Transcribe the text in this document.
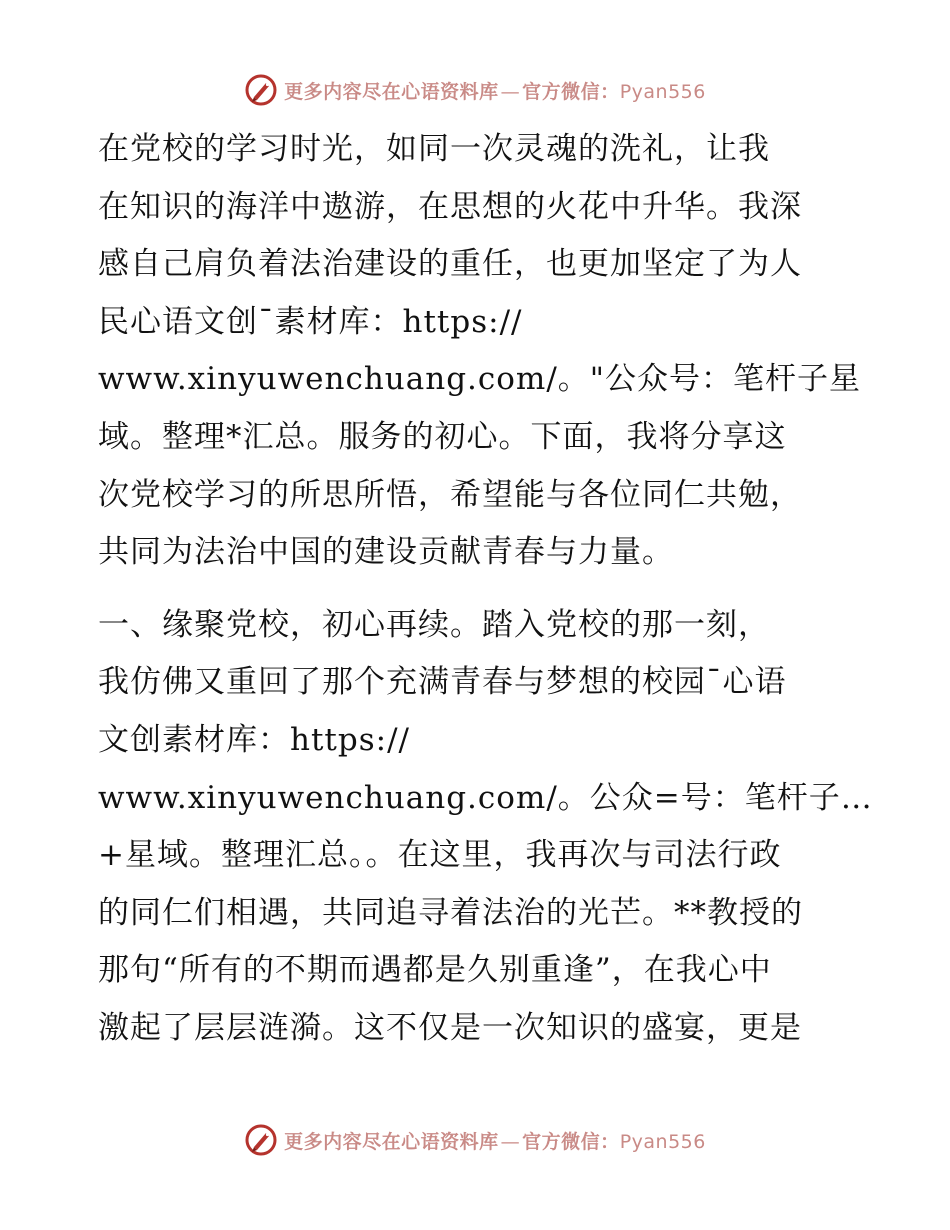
更多内容尽在心语资料库 — 官方微信：Pyan556
在党校的学习时光，如同一次灵魂的洗礼，让我
在知识的海洋中遨游，在思想的火花中升华。我深
感自己肩负着法治建设的重任，也更加坚定了为人
民心语文创¯素材库：https://
www.xinyuwenchuang.com/。"公众号：笔杆子星
域。整理*汇总。服务的初心。下面，我将分享这
次党校学习的所思所悟，希望能与各位同仁共勉，
共同为法治中国的建设贡献青春与力量。
一、缘聚党校，初心再续。踏入党校的那一刻，
我仿佛又重回了那个充满青春与梦想的校园¯心语
文创素材库：https://
www.xinyuwenchuang.com/。公众=号：笔杆子…
+星域。整理汇总。。在这里，我再次与司法行政
的同仁们相遇，共同追寻着法治的光芒。**教授的
那句“所有的不期而遇都是久别重逢”，在我心中
激起了层层涟漪。这不仅是一次知识的盛宴，更是
更多内容尽在心语资料库 — 官方微信：Pyan556
